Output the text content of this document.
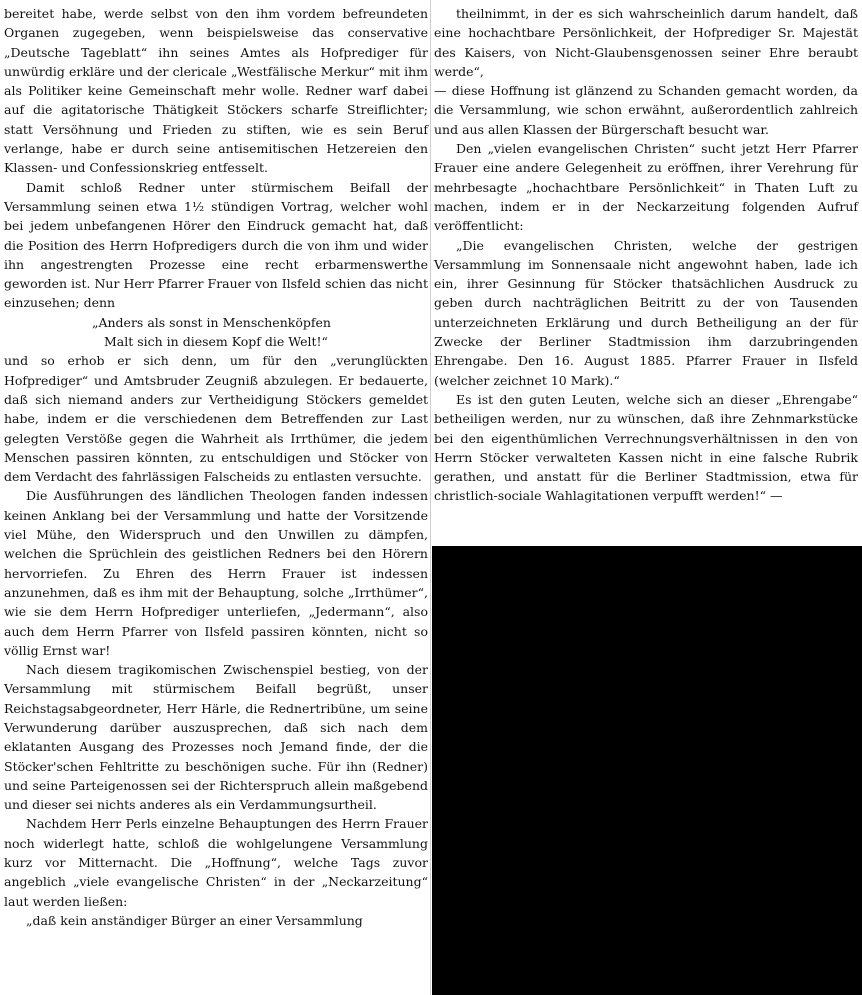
bereitet habe, werde selbst von den ihm vordem befreundeten Organen zugegeben, wenn beispielsweise das conservative „Deutsche Tageblatt“ ihn seines Amtes als Hofprediger für unwürdig erkläre und der clericale „Westfälische Merkur“ mit ihm als Politiker keine Gemeinschaft mehr wolle. Redner warf dabei auf die agitatorische Thätigkeit Stöckers scharfe Streiflichter; statt Versöhnung und Frieden zu stiften, wie es sein Beruf verlange, habe er durch seine antisemitischen Hetzereien den Klassen- und Confessionskrieg entfesselt.

Damit schloß Redner unter stürmischem Beifall der Versammlung seinen etwa 1½ stündigen Vortrag, welcher wohl bei jedem unbefangenen Hörer den Eindruck gemacht hat, daß die Position des Herrn Hofpredigers durch die von ihm und wider ihn angestrengten Prozesse eine recht erbarmenswerthe geworden ist. Nur Herr Pfarrer Frauer von Ilsfeld schien das nicht einzusehen; denn

„Anders als sonst in Menschenköpfen

Malt sich in diesem Kopf die Welt!“

und so erhob er sich denn, um für den „verunglückten Hofprediger“ und Amtsbruder Zeugniß abzulegen. Er bedauerte, daß sich niemand anders zur Vertheidigung Stöckers gemeldet habe, indem er die verschiedenen dem Betreffenden zur Last gelegten Verstöße gegen die Wahrheit als Irrthümer, die jedem Menschen passiren könnten, zu entschuldigen und Stöcker von dem Verdacht des fahrlässigen Falscheids zu entlasten versuchte.

Die Ausführungen des ländlichen Theologen fanden indessen keinen Anklang bei der Versammlung und hatte der Vorsitzende viel Mühe, den Widerspruch und den Unwillen zu dämpfen, welchen die Sprüchlein des geistlichen Redners bei den Hörern hervorriefen. Zu Ehren des Herrn Frauer ist indessen anzunehmen, daß es ihm mit der Behauptung, solche „Irrthümer“, wie sie dem Herrn Hofprediger unterliefen, „Jedermann“, also auch dem Herrn Pfarrer von Ilsfeld passiren könnten, nicht so völlig Ernst war!

Nach diesem tragikomischen Zwischenspiel bestieg, von der Versammlung mit stürmischem Beifall begrüßt, unser Reichstagsabgeordneter, Herr Härle, die Rednertribüne, um seine Verwunderung darüber auszusprechen, daß sich nach dem eklatanten Ausgang des Prozesses noch Jemand finde, der die Stöcker'schen Fehltritte zu beschönigen suche. Für ihn (Redner) und seine Parteigenossen sei der Richterspruch allein maßgebend und dieser sei nichts anderes als ein Verdammungsurtheil.

Nachdem Herr Perls einzelne Behauptungen des Herrn Frauer noch widerlegt hatte, schloß die wohlgelungene Versammlung kurz vor Mitternacht. Die „Hoffnung“, welche Tags zuvor angeblich „viele evangelische Christen“ in der „Neckarzeitung“ laut werden ließen:

„daß kein anständiger Bürger an einer Versammlung

theilnimmt, in der es sich wahrscheinlich darum handelt, daß eine hochachtbare Persönlichkeit, der Hofprediger Sr. Majestät des Kaisers, von Nicht-Glaubensgenossen seiner Ehre beraubt werde“,

— diese Hoffnung ist glänzend zu Schanden gemacht worden, da die Versammlung, wie schon erwähnt, außerordentlich zahlreich und aus allen Klassen der Bürgerschaft besucht war.

Den „vielen evangelischen Christen“ sucht jetzt Herr Pfarrer Frauer eine andere Gelegenheit zu eröffnen, ihrer Verehrung für mehrbesagte „hochachtbare Persönlichkeit“ in Thaten Luft zu machen, indem er in der Neckarzeitung folgenden Aufruf veröffentlicht:

„Die evangelischen Christen, welche der gestrigen Versammlung im Sonnensaale nicht angewohnt haben, lade ich ein, ihrer Gesinnung für Stöcker thatsächlichen Ausdruck zu geben durch nachträglichen Beitritt zu der von Tausenden unterzeichneten Erklärung und durch Betheiligung an der für Zwecke der Berliner Stadtmission ihm darzubringenden Ehrengabe. Den 16. August 1885. Pfarrer Frauer in Ilsfeld (welcher zeichnet 10 Mark).“

Es ist den guten Leuten, welche sich an dieser „Ehrengabe“ betheiligen werden, nur zu wünschen, daß ihre Zehnmarkstücke bei den eigenthümlichen Verrechnungsverhältnissen in den von Herrn Stöcker verwalteten Kassen nicht in eine falsche Rubrik gerathen, und anstatt für die Berliner Stadtmission, etwa für christlich-sociale Wahlagitationen verpufft werden!“ —
